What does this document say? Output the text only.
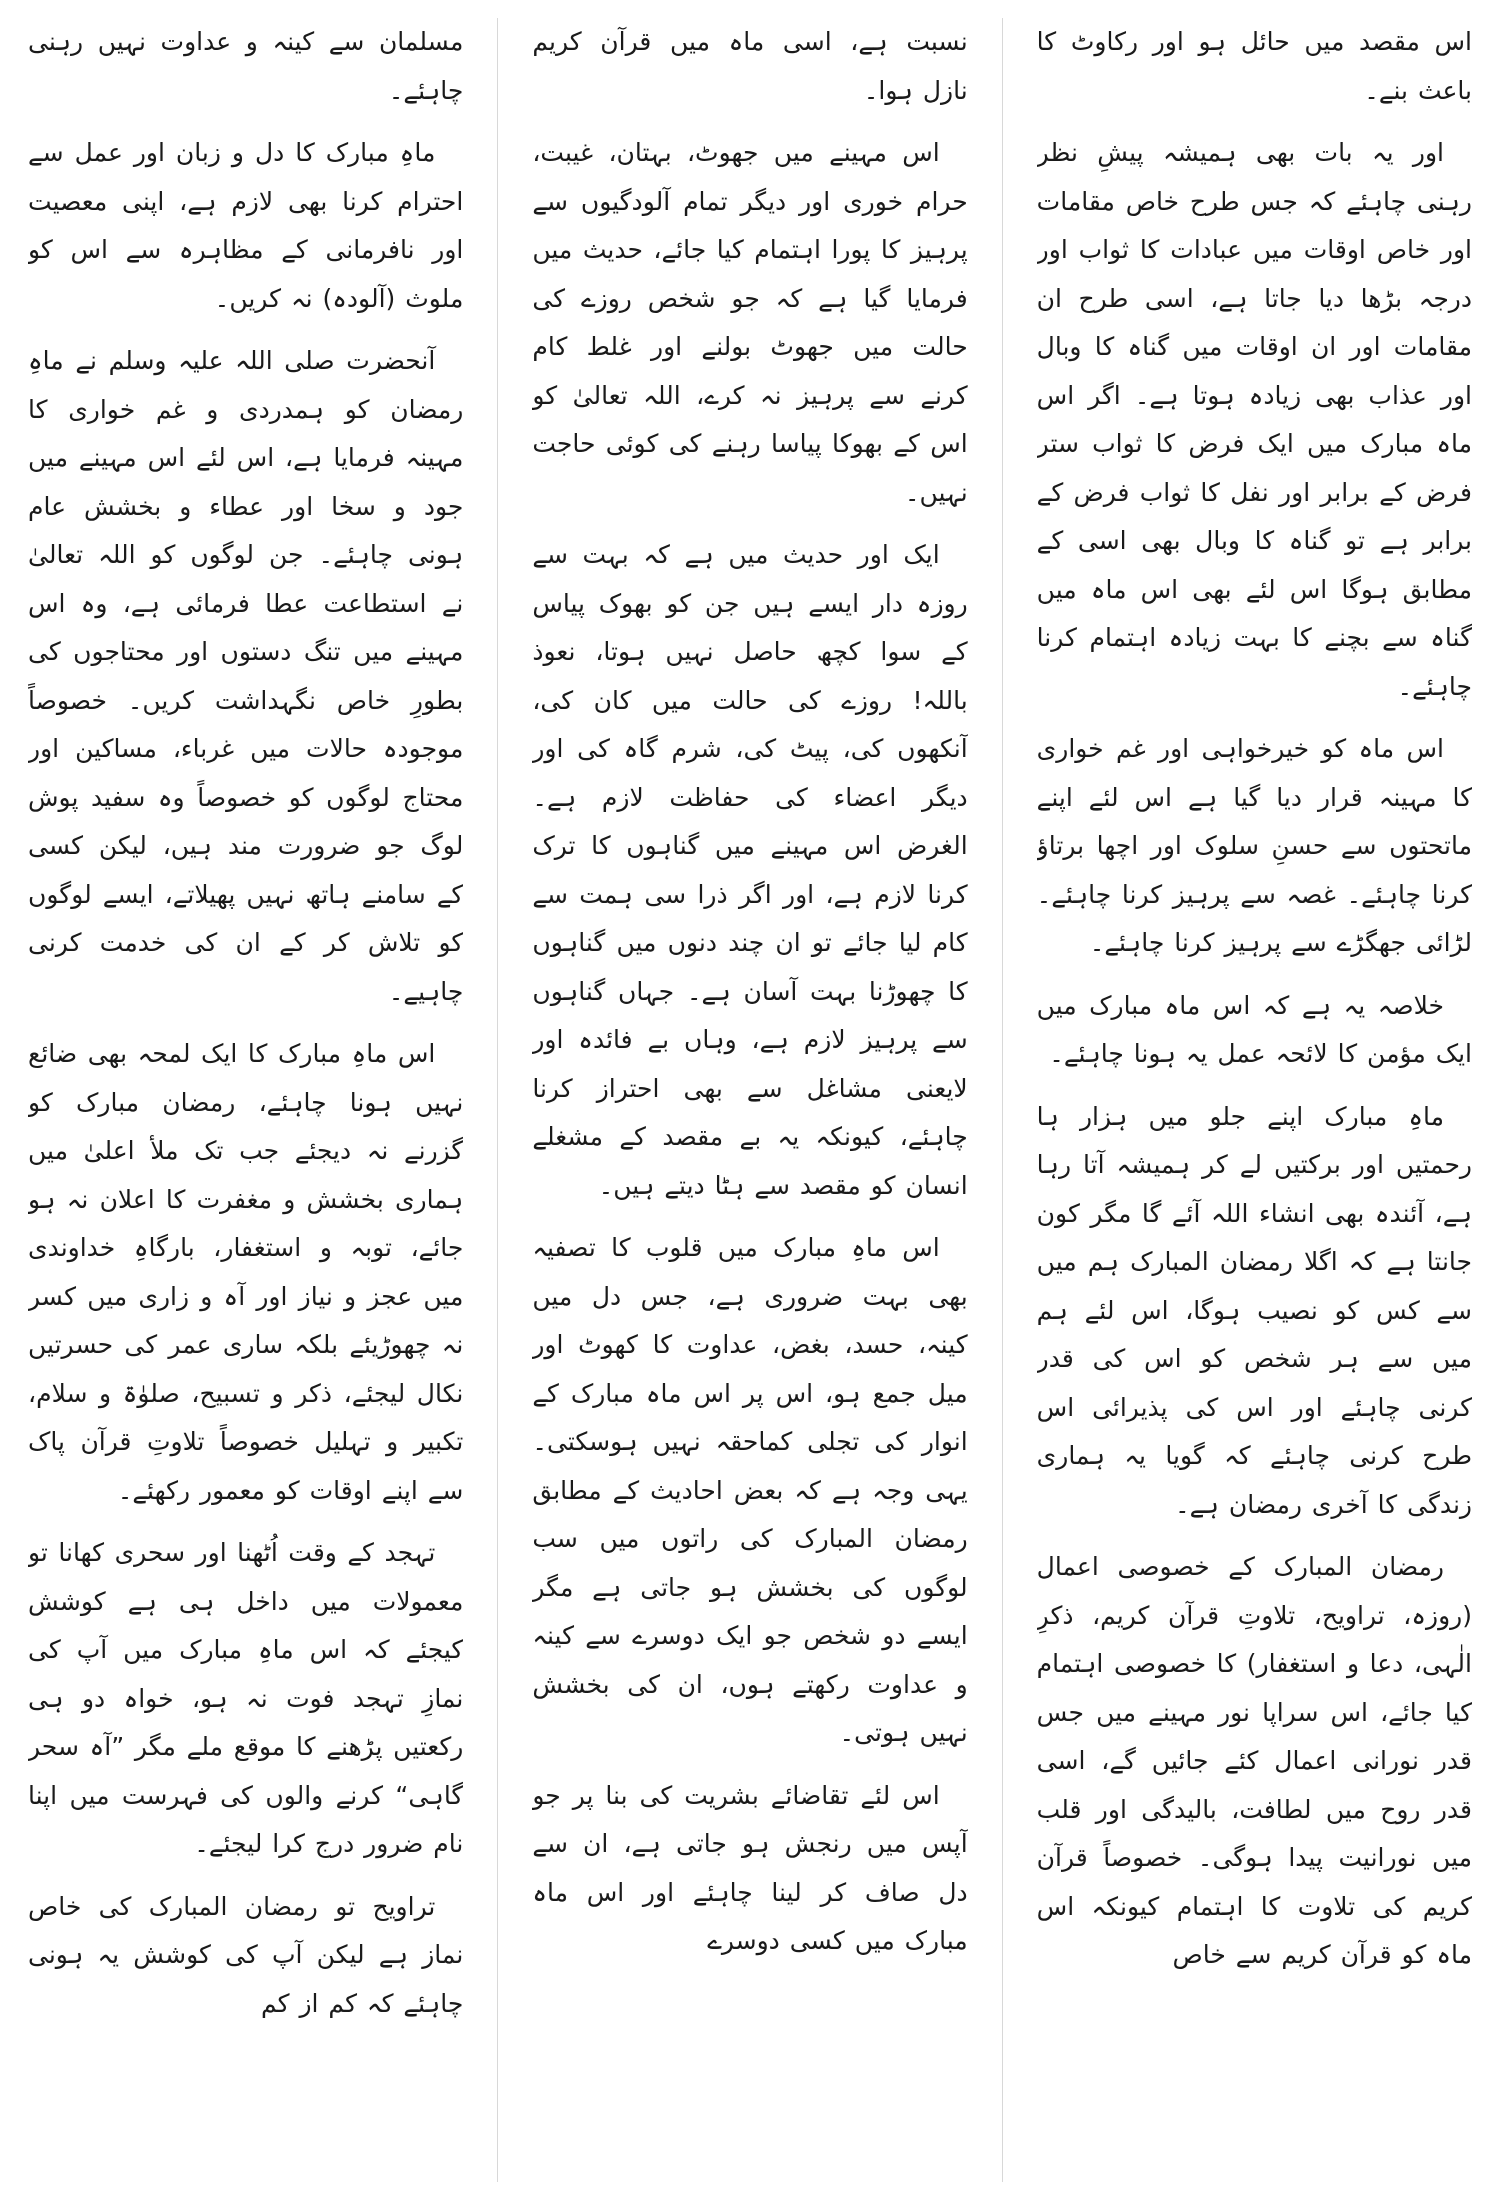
اس مقصد میں حائل ہو اور رکاوٹ کا باعث بنے۔

اور یہ بات بھی ہمیشہ پیشِ نظر رہنی چاہئے کہ جس طرح خاص مقامات اور خاص اوقات میں عبادات کا ثواب اور درجہ بڑھا دیا جاتا ہے، اسی طرح ان مقامات اور ان اوقات میں گناہ کا وبال اور عذاب بھی زیادہ ہوتا ہے۔ اگر اس ماہ مبارک میں ایک فرض کا ثواب ستر فرض کے برابر اور نفل کا ثواب فرض کے برابر ہے تو گناہ کا وبال بھی اسی کے مطابق ہوگا اس لئے بھی اس ماہ میں گناہ سے بچنے کا بہت زیادہ اہتمام کرنا چاہئے۔

اس ماہ کو خیرخواہی اور غم خواری کا مہینہ قرار دیا گیا ہے اس لئے اپنے ماتحتوں سے حسنِ سلوک اور اچھا برتاؤ کرنا چاہئے۔ غصہ سے پرہیز کرنا چاہئے۔ لڑائی جھگڑے سے پرہیز کرنا چاہئے۔

خلاصہ یہ ہے کہ اس ماہ مبارک میں ایک مؤمن کا لائحہ عمل یہ ہونا چاہئے۔

ماہِ مبارک اپنے جلو میں ہزار ہا رحمتیں اور برکتیں لے کر ہمیشہ آتا رہا ہے، آئندہ بھی انشاء اللہ آئے گا مگر کون جانتا ہے کہ اگلا رمضان المبارک ہم میں سے کس کو نصیب ہوگا، اس لئے ہم میں سے ہر شخص کو اس کی قدر کرنی چاہئے اور اس کی پذیرائی اس طرح کرنی چاہئے کہ گویا یہ ہماری زندگی کا آخری رمضان ہے۔

رمضان المبارک کے خصوصی اعمال (روزہ، تراویح، تلاوتِ قرآن کریم، ذکرِ الٰہی، دعا و استغفار) کا خصوصی اہتمام کیا جائے، اس سراپا نور مہینے میں جس قدر نورانی اعمال کئے جائیں گے، اسی قدر روح میں لطافت، بالیدگی اور قلب میں نورانیت پیدا ہوگی۔ خصوصاً قرآن کریم کی تلاوت کا اہتمام کیونکہ اس ماہ کو قرآن کریم سے خاص

نسبت ہے، اسی ماہ میں قرآن کریم نازل ہوا۔

اس مہینے میں جھوٹ، بہتان، غیبت، حرام خوری اور دیگر تمام آلودگیوں سے پرہیز کا پورا اہتمام کیا جائے، حدیث میں فرمایا گیا ہے کہ جو شخص روزے کی حالت میں جھوٹ بولنے اور غلط کام کرنے سے پرہیز نہ کرے، اللہ تعالیٰ کو اس کے بھوکا پیاسا رہنے کی کوئی حاجت نہیں۔

ایک اور حدیث میں ہے کہ بہت سے روزہ دار ایسے ہیں جن کو بھوک پیاس کے سوا کچھ حاصل نہیں ہوتا، نعوذ باللہ! روزے کی حالت میں کان کی، آنکھوں کی، پیٹ کی، شرم گاہ کی اور دیگر اعضاء کی حفاظت لازم ہے۔ الغرض اس مہینے میں گناہوں کا ترک کرنا لازم ہے، اور اگر ذرا سی ہمت سے کام لیا جائے تو ان چند دنوں میں گناہوں کا چھوڑنا بہت آسان ہے۔ جہاں گناہوں سے پرہیز لازم ہے، وہاں بے فائدہ اور لایعنی مشاغل سے بھی احتراز کرنا چاہئے، کیونکہ یہ بے مقصد کے مشغلے انسان کو مقصد سے ہٹا دیتے ہیں۔

اس ماہِ مبارک میں قلوب کا تصفیہ بھی بہت ضروری ہے، جس دل میں کینہ، حسد، بغض، عداوت کا کھوٹ اور میل جمع ہو، اس پر اس ماہ مبارک کے انوار کی تجلی کماحقہ نہیں ہوسکتی۔ یہی وجہ ہے کہ بعض احادیث کے مطابق رمضان المبارک کی راتوں میں سب لوگوں کی بخشش ہو جاتی ہے مگر ایسے دو شخص جو ایک دوسرے سے کینہ و عداوت رکھتے ہوں، ان کی بخشش نہیں ہوتی۔

اس لئے تقاضائے بشریت کی بنا پر جو آپس میں رنجش ہو جاتی ہے، ان سے دل صاف کر لینا چاہئے اور اس ماہ مبارک میں کسی دوسرے

مسلمان سے کینہ و عداوت نہیں رہنی چاہئے۔

ماہِ مبارک کا دل و زبان اور عمل سے احترام کرنا بھی لازم ہے، اپنی معصیت اور نافرمانی کے مظاہرہ سے اس کو ملوث (آلودہ) نہ کریں۔

آنحضرت صلی اللہ علیہ وسلم نے ماہِ رمضان کو ہمدردی و غم خواری کا مہینہ فرمایا ہے، اس لئے اس مہینے میں جود و سخا اور عطاء و بخشش عام ہونی چاہئے۔ جن لوگوں کو اللہ تعالیٰ نے استطاعت عطا فرمائی ہے، وہ اس مہینے میں تنگ دستوں اور محتاجوں کی بطورِ خاص نگہداشت کریں۔ خصوصاً موجودہ حالات میں غرباء، مساکین اور محتاج لوگوں کو خصوصاً وہ سفید پوش لوگ جو ضرورت مند ہیں، لیکن کسی کے سامنے ہاتھ نہیں پھیلاتے، ایسے لوگوں کو تلاش کر کے ان کی خدمت کرنی چاہیے۔

اس ماہِ مبارک کا ایک لمحہ بھی ضائع نہیں ہونا چاہئے، رمضان مبارک کو گزرنے نہ دیجئے جب تک ملأ اعلیٰ میں ہماری بخشش و مغفرت کا اعلان نہ ہو جائے، توبہ و استغفار، بارگاہِ خداوندی میں عجز و نیاز اور آہ و زاری میں کسر نہ چھوڑیئے بلکہ ساری عمر کی حسرتیں نکال لیجئے، ذکر و تسبیح، صلوٰۃ و سلام، تکبیر و تہلیل خصوصاً تلاوتِ قرآن پاک سے اپنے اوقات کو معمور رکھئے۔

تہجد کے وقت اُٹھنا اور سحری کھانا تو معمولات میں داخل ہی ہے کوشش کیجئے کہ اس ماہِ مبارک میں آپ کی نمازِ تہجد فوت نہ ہو، خواہ دو ہی رکعتیں پڑھنے کا موقع ملے مگر ”آہ سحر گاہی“ کرنے والوں کی فہرست میں اپنا نام ضرور درج کرا لیجئے۔

تراویح تو رمضان المبارک کی خاص نماز ہے لیکن آپ کی کوشش یہ ہونی چاہئے کہ کم از کم
